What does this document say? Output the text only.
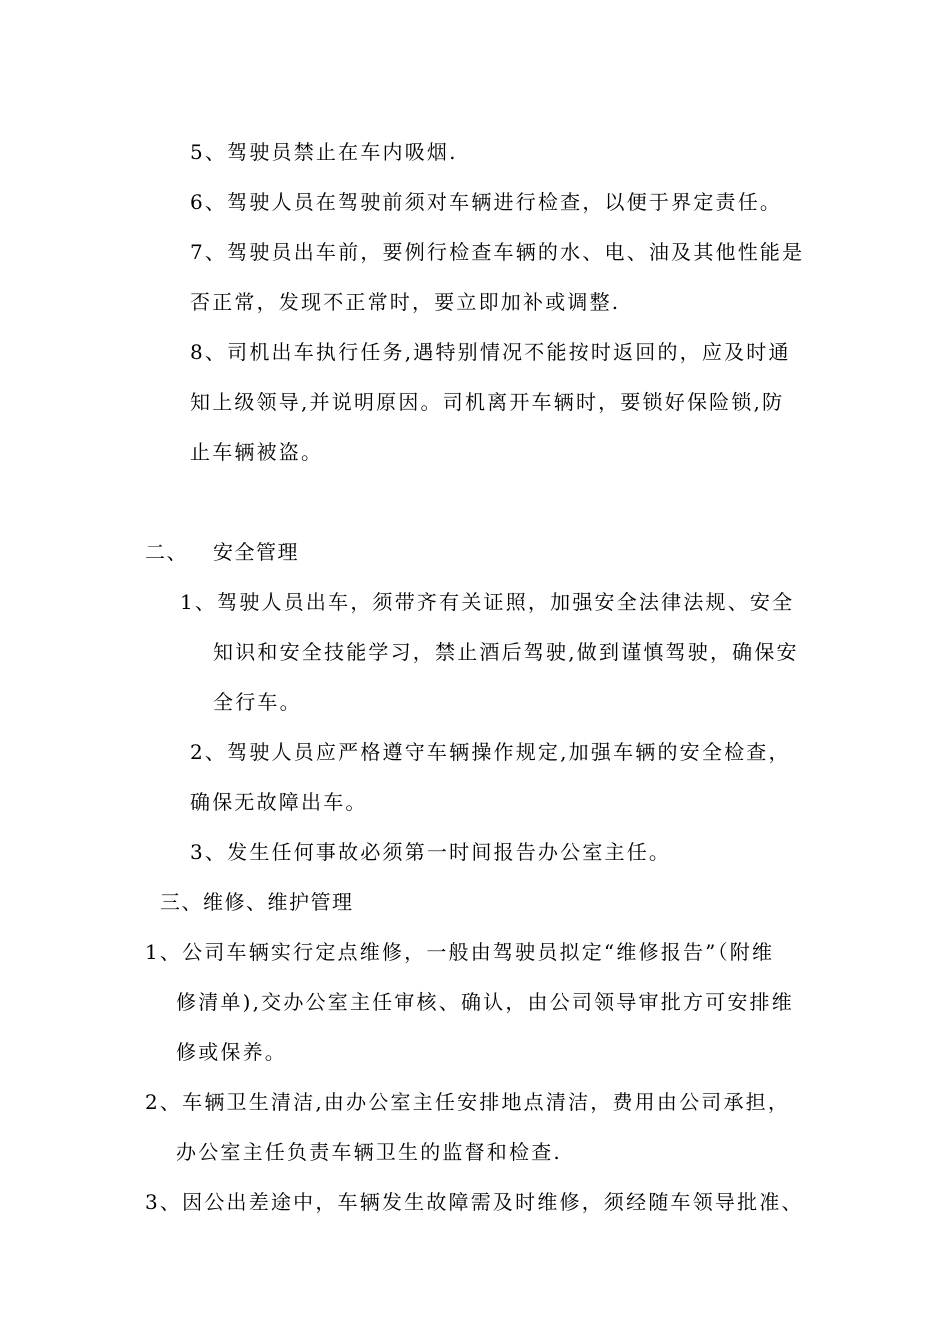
5、驾驶员禁止在车内吸烟.
6、驾驶人员在驾驶前须对车辆进行检查，以便于界定责任。
7、驾驶员出车前，要例行检查车辆的水、电、油及其他性能是
否正常，发现不正常时，要立即加补或调整.
8、司机出车执行任务,遇特别情况不能按时返回的，应及时通
知上级领导,并说明原因。司机离开车辆时，要锁好保险锁,防
止车辆被盗。
二、 安全管理
1、驾驶人员出车，须带齐有关证照，加强安全法律法规、安全
知识和安全技能学习，禁止酒后驾驶,做到谨慎驾驶，确保安
全行车。
2、驾驶人员应严格遵守车辆操作规定,加强车辆的安全检查，
确保无故障出车。
3、发生任何事故必须第一时间报告办公室主任。
三、维修、维护管理
1、公司车辆实行定点维修，一般由驾驶员拟定“维修报告”（附维
修清单),交办公室主任审核、确认，由公司领导审批方可安排维
修或保养。
2、车辆卫生清洁,由办公室主任安排地点清洁，费用由公司承担，
办公室主任负责车辆卫生的监督和检查.
3、因公出差途中，车辆发生故障需及时维修，须经随车领导批准、
